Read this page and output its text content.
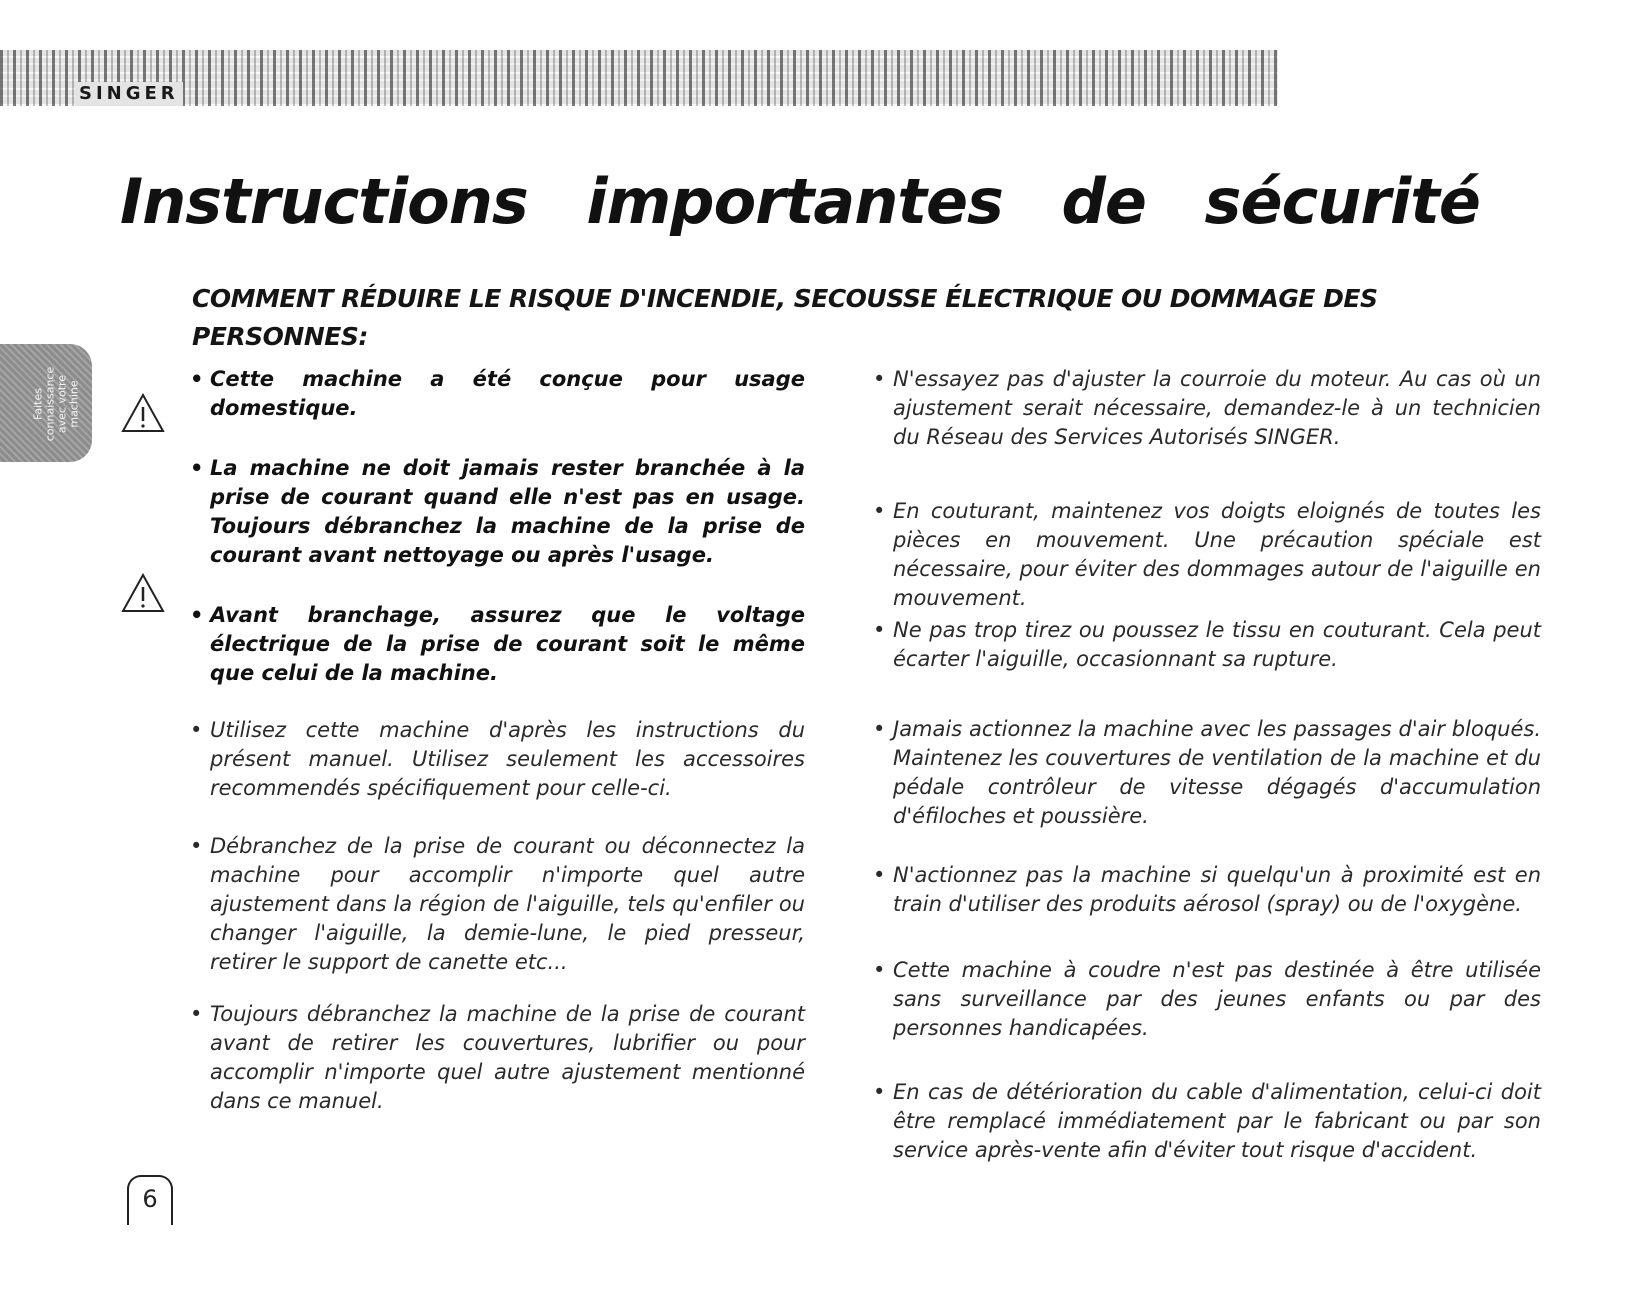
SINGER
Faites
connaissance
avec votre
machine
Instructions importantes de sécurité
COMMENT RÉDUIRE LE RISQUE D'INCENDIE, SECOUSSE ÉLECTRIQUE OU DOMMAGE DES PERSONNES:
• Cette machine a été conçue pour usage domestique.
• La machine ne doit jamais rester branchée à la prise de courant quand elle n'est pas en usage. Toujours débranchez la machine de la prise de courant avant nettoyage ou après l'usage.
• Avant branchage, assurez que le voltage électrique de la prise de courant soit le même que celui de la machine.
• Utilisez cette machine d'après les instructions du présent manuel. Utilisez seulement les accessoires recommendés spécifiquement pour celle-ci.
• Débranchez de la prise de courant ou déconnectez la machine pour accomplir n'importe quel autre ajustement dans la région de l'aiguille, tels qu'enfiler ou changer l'aiguille, la demie-lune, le pied presseur, retirer le support de canette etc...
• Toujours débranchez la machine de la prise de courant avant de retirer les couvertures, lubrifier ou pour accomplir n'importe quel autre ajustement mentionné dans ce manuel.
• N'essayez pas d'ajuster la courroie du moteur. Au cas où un ajustement serait nécessaire, demandez-le à un technicien du Réseau des Services Autorisés SINGER.
• En couturant, maintenez vos doigts eloignés de toutes les pièces en mouvement. Une précaution spéciale est nécessaire, pour éviter des dommages autour de l'aiguille en mouvement.
• Ne pas trop tirez ou poussez le tissu en couturant. Cela peut écarter l'aiguille, occasionnant sa rupture.
• Jamais actionnez la machine avec les passages d'air bloqués. Maintenez les couvertures de ventilation de la machine et du pédale contrôleur de vitesse dégagés d'accumulation d'éfiloches et poussière.
• N'actionnez pas la machine si quelqu'un à proximité est en train d'utiliser des produits aérosol (spray) ou de l'oxygène.
• Cette machine à coudre n'est pas destinée à être utilisée sans surveillance par des jeunes enfants ou par des personnes handicapées.
• En cas de détérioration du cable d'alimentation, celui-ci doit être remplacé immédiatement par le fabricant ou par son service après-vente afin d'éviter tout risque d'accident.
6
